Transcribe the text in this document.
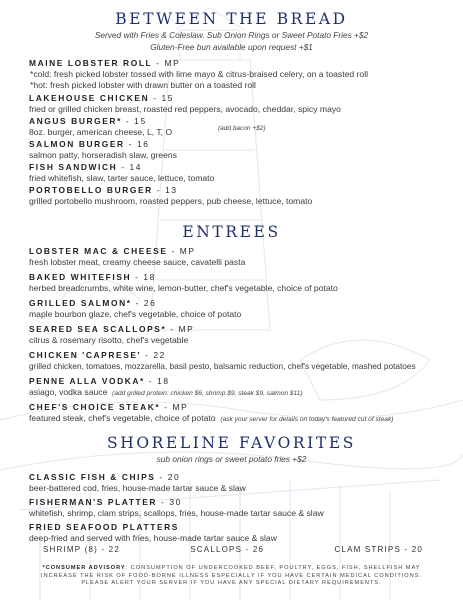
BETWEEN THE BREAD
Served with Fries & Coleslaw. Sub Onion Rings or Sweet Potato Fries +$2
Gluten-Free bun available upon request +$1
MAINE LOBSTER ROLL - MP
*cold: fresh picked lobster tossed with lime mayo & citrus-braised celery, on a toasted roll
*hot: fresh picked lobster with drawn butter on a toasted roll
LAKEHOUSE CHICKEN - 15
fried or grilled chicken breast, roasted red peppers, avocado, cheddar, spicy mayo
ANGUS BURGER* - 15
8oz. burger, american cheese, L, T, O	(add bacon +$2)
SALMON BURGER - 16
salmon patty, horseradish slaw, greens
FISH SANDWICH - 14
fried whitefish, slaw, tarter sauce, lettuce, tomato
PORTOBELLO BURGER - 13
grilled portobello mushroom, roasted peppers, pub cheese, lettuce, tomato
ENTREES
LOBSTER MAC & CHEESE - MP
fresh lobster meat, creamy cheese sauce, cavatelli pasta
BAKED WHITEFISH - 18
herbed breadcrumbs, white wine, lemon-butter, chef's vegetable, choice of potato
GRILLED SALMON* - 26
maple bourbon glaze, chef's vegetable, choice of potato
SEARED SEA SCALLOPS* - MP
citrus & rosemary risotto, chef's vegetable
CHICKEN 'CAPRESE' - 22
grilled chicken, tomatoes, mozzarella, basil pesto, balsamic reduction, chef's vegetable, mashed potatoes
PENNE ALLA VODKA* - 18
asiago, vodka sauce (add grilled protein: chicken $6, shrimp $9, steak $9, salmon $11)
CHEF'S CHOICE STEAK* - MP
featured steak, chef's vegetable, choice of potato (ask your server for details on today's featured cut of steak)
SHORELINE FAVORITES
sub onion rings or sweet potato fries +$2
CLASSIC FISH & CHIPS - 20
beer-battered cod, fries, house-made tartar sauce & slaw
FISHERMAN'S PLATTER - 30
whitefish, shrimp, clam strips, scallops, fries, house-made tartar sauce & slaw
FRIED SEAFOOD PLATTERS
deep-fried and served with fries, house-made tartar sauce & slaw
SHRIMP (8) - 22	SCALLOPS - 26	CLAM STRIPS - 20
*CONSUMER ADVISORY: CONSUMPTION OF UNDERCOOKED BEEF, POULTRY, EGGS, FISH, SHELLFISH MAY
INCREASE THE RISK OF FOOD-BORNE ILLNESS ESPECIALLY IF YOU HAVE CERTAIN MEDICAL CONDITIONS.
PLEASE ALERT YOUR SERVER IF YOU HAVE ANY SPECIAL DIETARY REQUIREMENTS.
